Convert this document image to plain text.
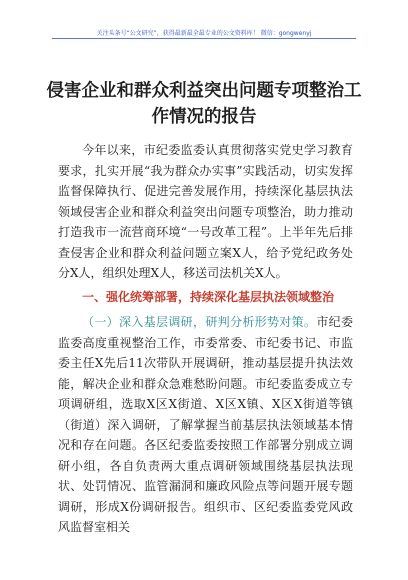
关注头条号“公文研究”，获得最新最全最专业的公文资料库！ 微信：gongwenyj
侵害企业和群众利益突出问题专项整治工作情况的报告

今年以来，市纪委监委认真贯彻落实党史学习教育要求，扎实开展“我为群众办实事”实践活动，切实发挥监督保障执行、促进完善发展作用，持续深化基层执法领域侵害企业和群众利益突出问题专项整治，助力推动打造我市一流营商环境“一号改革工程”。上半年先后排查侵害企业和群众利益问题立案X人，给予党纪政务处分X人，组织处理X人，移送司法机关X人。

一、强化统筹部署，持续深化基层执法领域整治

（一）深入基层调研，研判分析形势对策。市纪委监委高度重视整治工作，市委常委、市纪委书记、市监委主任X先后11次带队开展调研，推动基层提升执法效能，解决企业和群众急难愁盼问题。市纪委监委成立专项调研组，选取X区X街道、X区X镇、X区X街道等镇（街道）深入调研，了解掌握当前基层执法领域基本情况和存在问题。各区纪委监委按照工作部署分别成立调研小组，各自负责两大重点调研领域围绕基层执法现状、处罚情况、监管漏洞和廉政风险点等问题开展专题调研，形成X份调研报告。组织市、区纪委监委党风政风监督室相关
